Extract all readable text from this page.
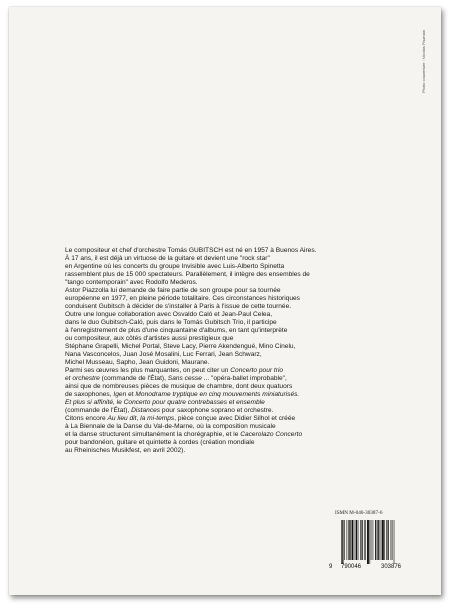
Photo couverture : Nicolas Fiszman
Le compositeur et chef d'orchestre Tomás GUBITSCH est né en 1957 à Buenos Aires.
À 17 ans, il est déjà un virtuose de la guitare et devient une "rock star"
en Argentine où les concerts du groupe Invisible avec Luis-Alberto Spinetta
rassemblent plus de 15 000 spectateurs. Parallèlement, il intègre des ensembles de
"tango contemporain" avec Rodolfo Mederos.
Astor Piazzolla lui demande de faire partie de son groupe pour sa tournée
européenne en 1977, en pleine période totalitaire. Ces circonstances historiques
conduisent Gubitsch à décider de s'installer à Paris à l'issue de cette tournée.
Outre une longue collaboration avec Osvaldo Caló et Jean-Paul Celea,
dans le duo Gubitsch-Caló, puis dans le Tomás Gubitsch Trio, il participe
à l'enregistrement de plus d'une cinquantaine d'albums, en tant qu'interprète
ou compositeur, aux côtés d'artistes aussi prestigieux que
Stéphane Grapelli, Michel Portal, Steve Lacy, Pierre Akendengué, Mino Cinelu,
Nana Vasconcelos, Juan José Mosalini, Luc Ferrari, Jean Schwarz,
Michel Musseau, Sapho, Jean Guidoni, Maurane.
Parmi ses œuvres les plus marquantes, on peut citer un Concerto pour trio
et orchestre (commande de l'État), Sans cesse ... "opéra-ballet improbable",
ainsi que de nombreuses pièces de musique de chambre, dont deux quatuors
de saxophones, Igen et Monodrame tryptique en cinq mouvements miniaturisés.
Et plus si affinité, le Concerto pour quatre contrebasses et ensemble
(commande de l'État), Distances pour saxophone soprano et orchestre.
Citons encore Au lieu dit, la mi-temps, pièce conçue avec Didier Silhol et créée
à La Biennale de la Danse du Val-de-Marne, où la composition musicale
et la danse structurent simultanément la chorégraphie, et le Cacerolazo Concerto
pour bandonéon, guitare et quintette à cordes (création mondiale
au Rheinisches Musikfest, en avril 2002).
ISMN M-046-30387-6
9 790046	303876
